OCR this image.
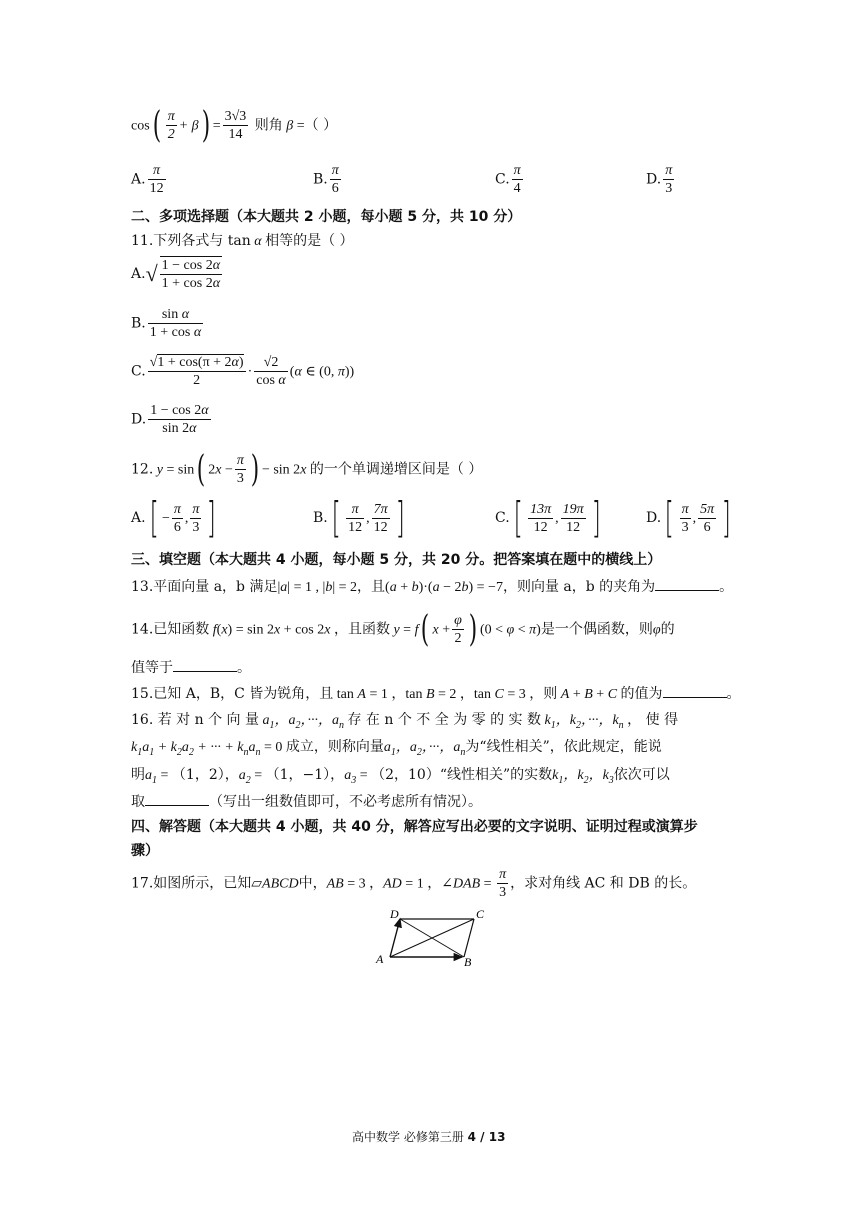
$\cos( \frac{\pi}{2} + \beta) = \frac{3√3}{14}$ 则角 β =（ ）
A. $\frac{\pi}{12}$	B. $\frac{\pi}{6}$	C. $\frac{\pi}{4}$	D. $\frac{\pi}{3}$
二、多项选择题（本大题共 2 小题，每小题 5 分，共 10 分）
11.下列各式与 tan α 相等的是（ ）
$A.√ \frac{1 - \cos 2\alpha}{1 + \cos 2\alpha}$
B. $\frac{\text{sin α}}{\text{1 + cos α}}$
C. $\frac{√1 + \cos(\pi + 2\alpha)}{2} \cdot \frac{√2}{\text{cos α}} (\alpha$ ∈ (0, π))
D. $\frac{1 - \cos 2\alpha}{\sin 2\alpha}$
12. y = sin( $2x - \frac{\pi}{3}$ ) − sin 2x 的一个单调递增区间是（ ）
$A.[ - \frac{\pi}{6}$ , $\frac{\pi}{3}$ ]	$B.[ \frac{\pi}{12}$ , $\frac{7\pi}{12}$ ]	$C.[ \frac{13\pi}{12}$ , $\frac{19\pi}{12}$ ]	$D.[ \frac{\pi}{3}$ , $\frac{5\pi}{6}$ ]
三、填空题（本大题共 4 小题，每小题 5 分，共 20 分。把答案填在题中的横线上）
13.平面向量 a，b 满足|a| = 1 , |b| = 2，且(a + b)·(a − 2b) = −7，则向量 a，b 的夹角为	。
14.已知函数 f(x) = sin 2x + cos 2x ，且函数 y = f( $x + \frac{\varphi}{2}$ ) (0 < φ < π)是一个偶函数，则φ的
值等于	。
15.已知 A，B，C 皆为锐角，且 tan A = 1 ，tan B = 2 ，tan C = 3 ，则 A + B + C 的值为	。
16. 若 对 n 个 向 量 $a_1$，$a_2$，···，$a_n$ 存 在 n 个 不 全 为 零 的 实 数 $k_1$，$k_2$，···，$k_n$ ， 使 得
$k_1a_1 + k_2a_2$ + ··· + $k_na_n = 0$ 成立，则称向量$a_1$，$a_2$，···，$a_n$为“线性相关”，依此规定，能说
明$a_1 = (1$，2），$a_2 = (1$，−1），$a_3 = (2$，10）“线性相关”的实数$k_1$，$k_2$，$k_3$依次可以
取	（写出一组数值即可，不必考虑所有情况）。
四、解答题（本大题共 4 小题，共 40 分，解答应写出必要的文字说明、证明过程或演算步
骤）
17.如图所示，已知▱ABCD中，AB = 3 ，AD = 1 ，∠DAB = $\frac{\pi}{3}$ ，求对角线 AC 和 DB 的长。
D	C
A	B
高中数学 必修第三册 4 / 13
